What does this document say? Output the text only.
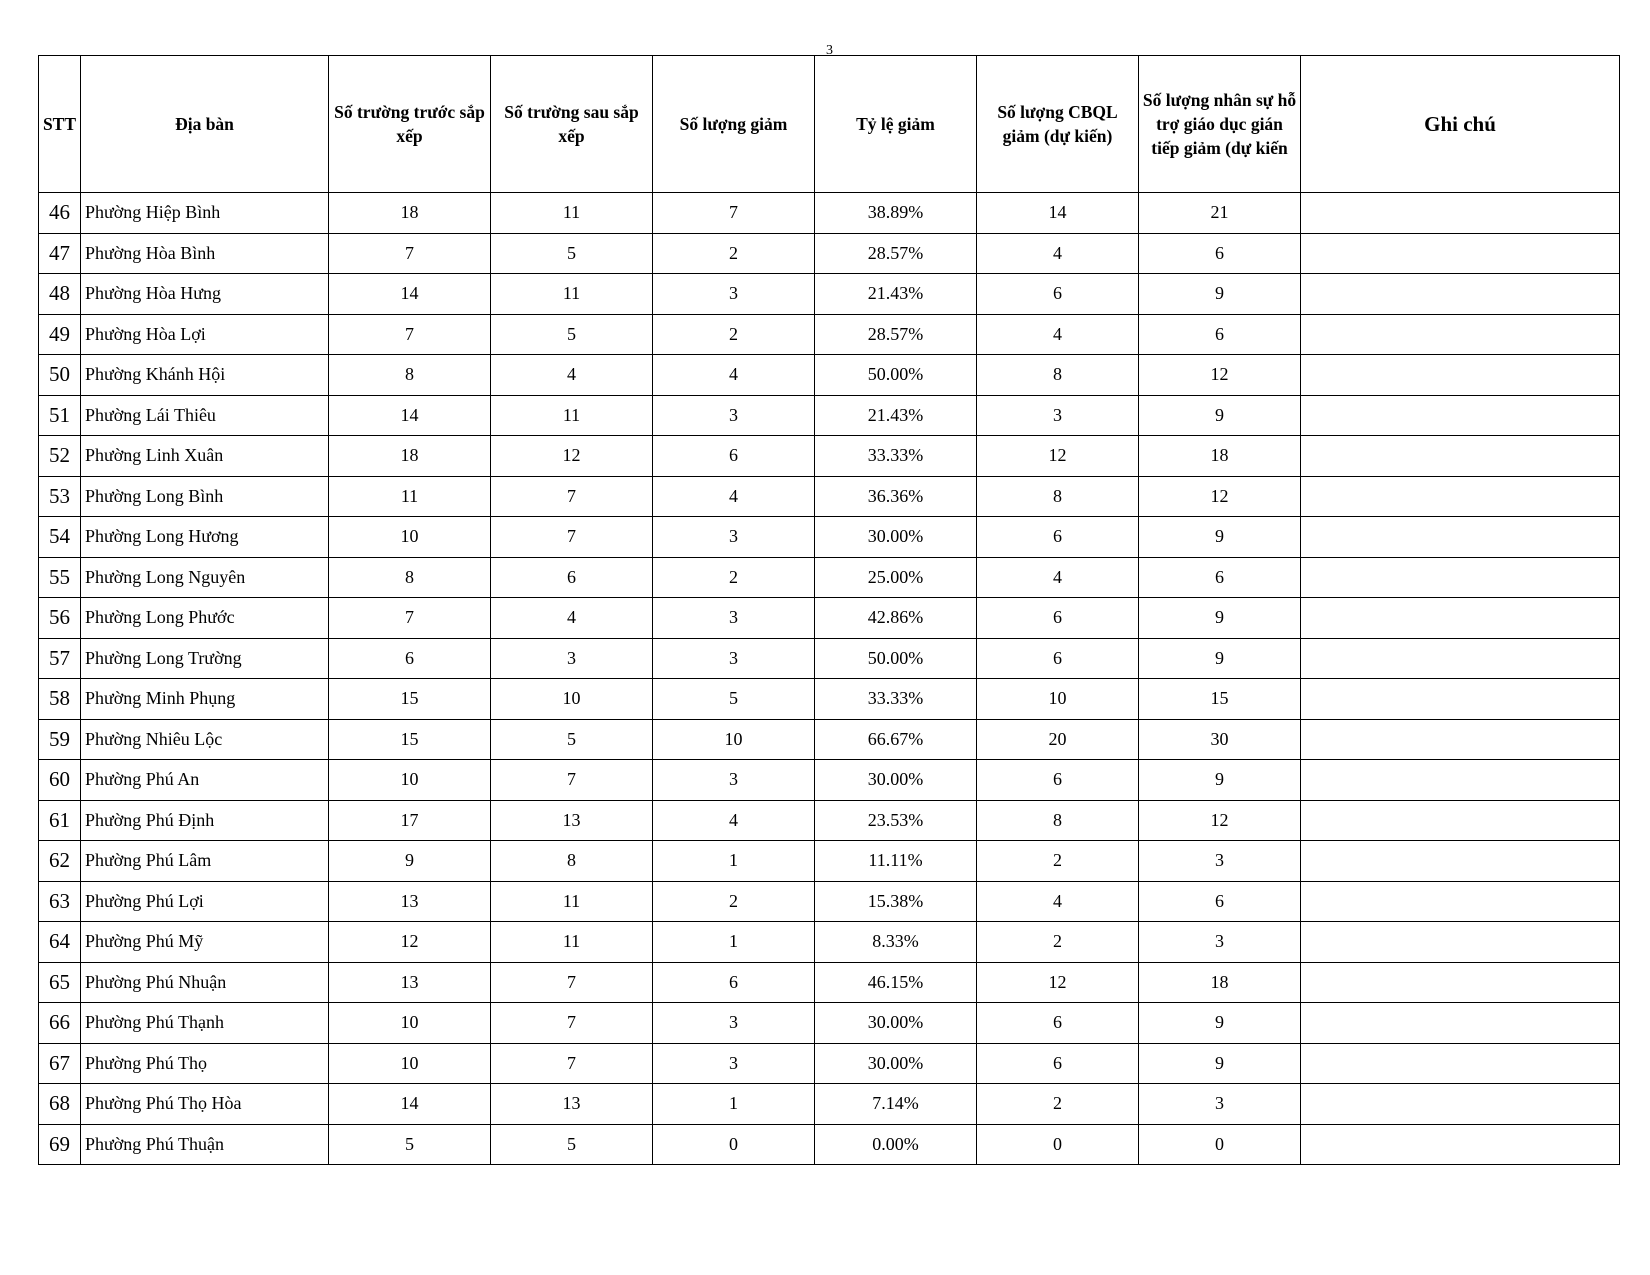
3
STT	Địa bàn	Số trường trước sắp xếp	Số trường sau sắp xếp	Số lượng giảm	Tỷ lệ giảm	Số lượng CBQL giảm (dự kiến)	Số lượng nhân sự hỗ trợ giáo dục gián tiếp giảm (dự kiến	Ghi chú
46	Phường Hiệp Bình	18	11	7	38.89%	14	21	
47	Phường Hòa Bình	7	5	2	28.57%	4	6	
48	Phường Hòa Hưng	14	11	3	21.43%	6	9	
49	Phường Hòa Lợi	7	5	2	28.57%	4	6	
50	Phường Khánh Hội	8	4	4	50.00%	8	12	
51	Phường Lái Thiêu	14	11	3	21.43%	3	9	
52	Phường Linh Xuân	18	12	6	33.33%	12	18	
53	Phường Long Bình	11	7	4	36.36%	8	12	
54	Phường Long Hương	10	7	3	30.00%	6	9	
55	Phường Long Nguyên	8	6	2	25.00%	4	6	
56	Phường Long Phước	7	4	3	42.86%	6	9	
57	Phường Long Trường	6	3	3	50.00%	6	9	
58	Phường Minh Phụng	15	10	5	33.33%	10	15	
59	Phường Nhiêu Lộc	15	5	10	66.67%	20	30	
60	Phường Phú An	10	7	3	30.00%	6	9	
61	Phường Phú Định	17	13	4	23.53%	8	12	
62	Phường Phú Lâm	9	8	1	11.11%	2	3	
63	Phường Phú Lợi	13	11	2	15.38%	4	6	
64	Phường Phú Mỹ	12	11	1	8.33%	2	3	
65	Phường Phú Nhuận	13	7	6	46.15%	12	18	
66	Phường Phú Thạnh	10	7	3	30.00%	6	9	
67	Phường Phú Thọ	10	7	3	30.00%	6	9	
68	Phường Phú Thọ Hòa	14	13	1	7.14%	2	3	
69	Phường Phú Thuận	5	5	0	0.00%	0	0	
